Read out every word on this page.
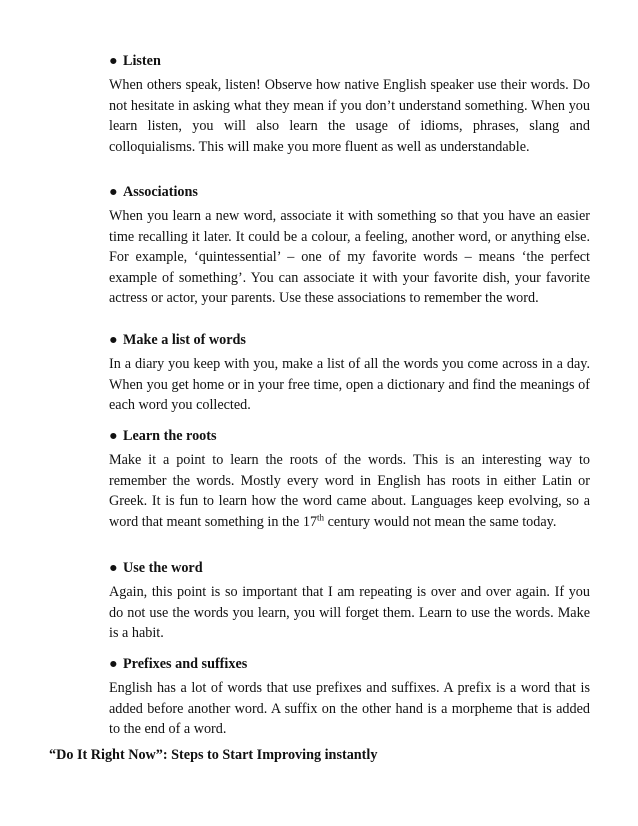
● Listen

When others speak, listen! Observe how native English speaker use their words. Do not hesitate in asking what they mean if you don’t understand something. When you learn listen, you will also learn the usage of idioms, phrases, slang and colloquialisms. This will make you more fluent as well as understandable.

● Associations

When you learn a new word, associate it with something so that you have an easier time recalling it later. It could be a colour, a feeling, another word, or anything else. For example, ‘quintessential’ – one of my favorite words – means ‘the perfect example of something’. You can associate it with your favorite dish, your favorite actress or actor, your parents. Use these associations to remember the word.

● Make a list of words

In a diary you keep with you, make a list of all the words you come across in a day. When you get home or in your free time, open a dictionary and find the meanings of each word you collected.

● Learn the roots

Make it a point to learn the roots of the words. This is an interesting way to remember the words. Mostly every word in English has roots in either Latin or Greek. It is fun to learn how the word came about. Languages keep evolving, so a word that meant something in the 17th century would not mean the same today.

● Use the word

Again, this point is so important that I am repeating is over and over again. If you do not use the words you learn, you will forget them. Learn to use the words. Make is a habit.

● Prefixes and suffixes

English has a lot of words that use prefixes and suffixes. A prefix is a word that is added before another word. A suffix on the other hand is a morpheme that is added to the end of a word.

“Do It Right Now”: Steps to Start Improving instantly
